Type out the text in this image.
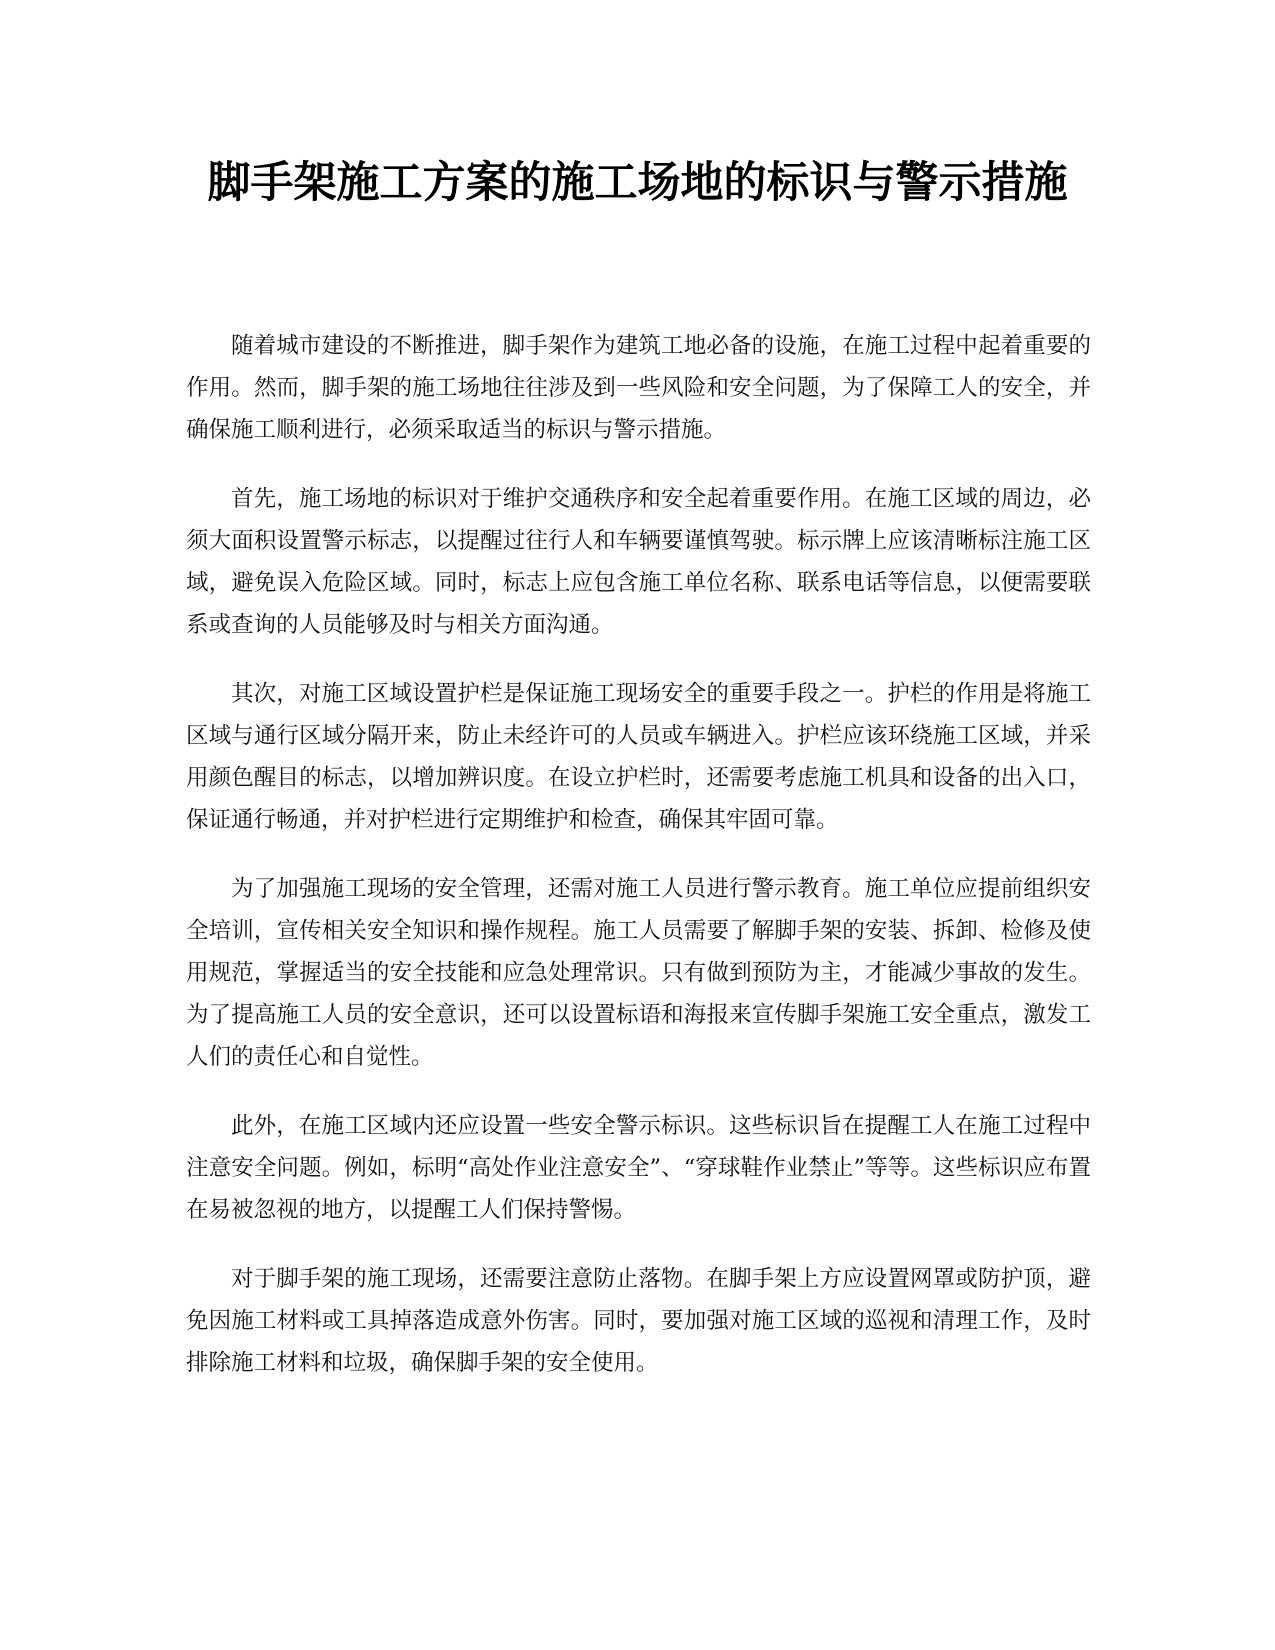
脚手架施工方案的施工场地的标识与警示措施

随着城市建设的不断推进，脚手架作为建筑工地必备的设施，在施工过程中起着重要的作用。然而，脚手架的施工场地往往涉及到一些风险和安全问题，为了保障工人的安全，并确保施工顺利进行，必须采取适当的标识与警示措施。

首先，施工场地的标识对于维护交通秩序和安全起着重要作用。在施工区域的周边，必须大面积设置警示标志，以提醒过往行人和车辆要谨慎驾驶。标示牌上应该清晰标注施工区域，避免误入危险区域。同时，标志上应包含施工单位名称、联系电话等信息，以便需要联系或查询的人员能够及时与相关方面沟通。

其次，对施工区域设置护栏是保证施工现场安全的重要手段之一。护栏的作用是将施工区域与通行区域分隔开来，防止未经许可的人员或车辆进入。护栏应该环绕施工区域，并采用颜色醒目的标志，以增加辨识度。在设立护栏时，还需要考虑施工机具和设备的出入口，保证通行畅通，并对护栏进行定期维护和检查，确保其牢固可靠。

为了加强施工现场的安全管理，还需对施工人员进行警示教育。施工单位应提前组织安全培训，宣传相关安全知识和操作规程。施工人员需要了解脚手架的安装、拆卸、检修及使用规范，掌握适当的安全技能和应急处理常识。只有做到预防为主，才能减少事故的发生。为了提高施工人员的安全意识，还可以设置标语和海报来宣传脚手架施工安全重点，激发工人们的责任心和自觉性。

此外，在施工区域内还应设置一些安全警示标识。这些标识旨在提醒工人在施工过程中注意安全问题。例如，标明“高处作业注意安全”、“穿球鞋作业禁止”等等。这些标识应布置在易被忽视的地方，以提醒工人们保持警惕。

对于脚手架的施工现场，还需要注意防止落物。在脚手架上方应设置网罩或防护顶，避免因施工材料或工具掉落造成意外伤害。同时，要加强对施工区域的巡视和清理工作，及时排除施工材料和垃圾，确保脚手架的安全使用。
